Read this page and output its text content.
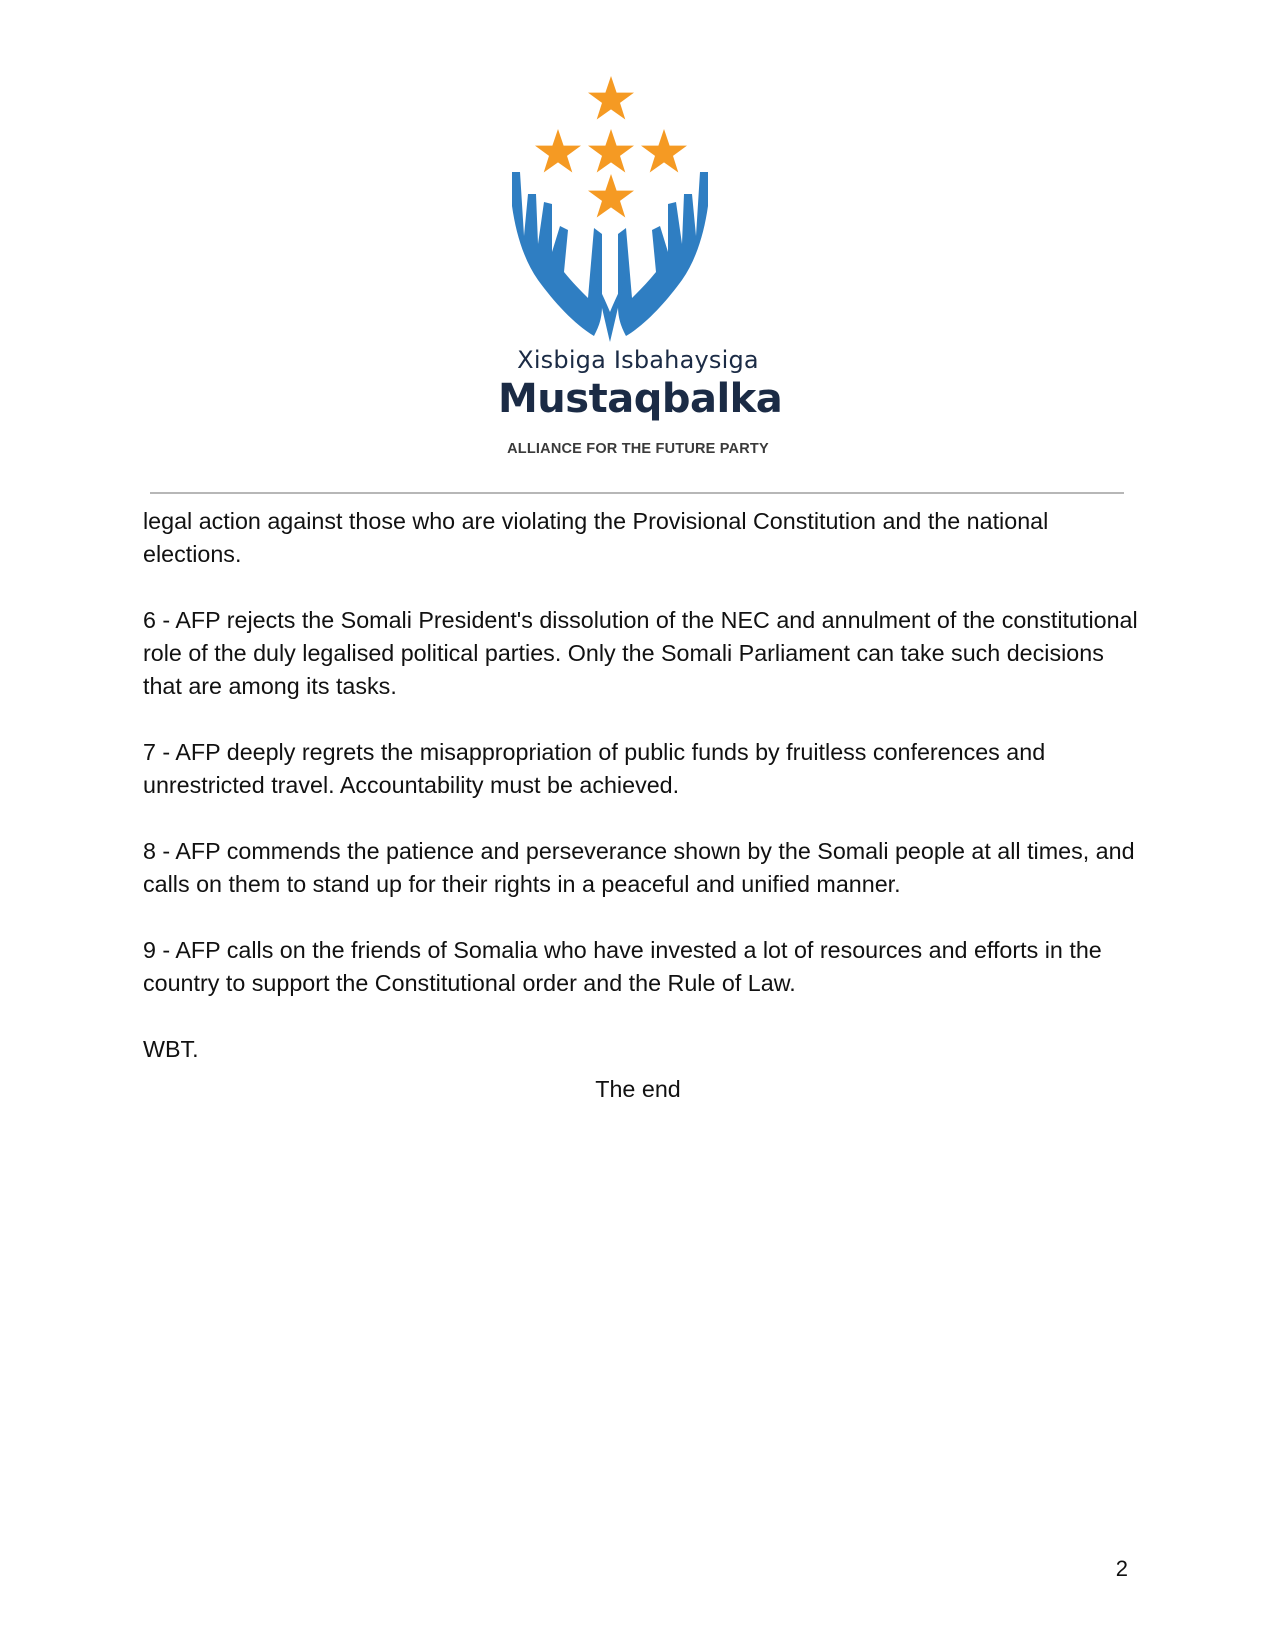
Xisbiga Isbahaysiga
Mustaqbalka
ALLIANCE FOR THE FUTURE PARTY

legal action against those who are violating the Provisional Constitution and the national elections.

6 - AFP rejects the Somali President's dissolution of the NEC and annulment of the constitutional role of the duly legalised political parties. Only the Somali Parliament can take such decisions that are among its tasks.

7 - AFP deeply regrets the misappropriation of public funds by fruitless conferences and unrestricted travel. Accountability must be achieved.

8 - AFP commends the patience and perseverance shown by the Somali people at all times, and calls on them to stand up for their rights in a peaceful and unified manner.

9 - AFP calls on the friends of Somalia who have invested a lot of resources and efforts in the country to support the Constitutional order and the Rule of Law.

WBT.

The end
2
